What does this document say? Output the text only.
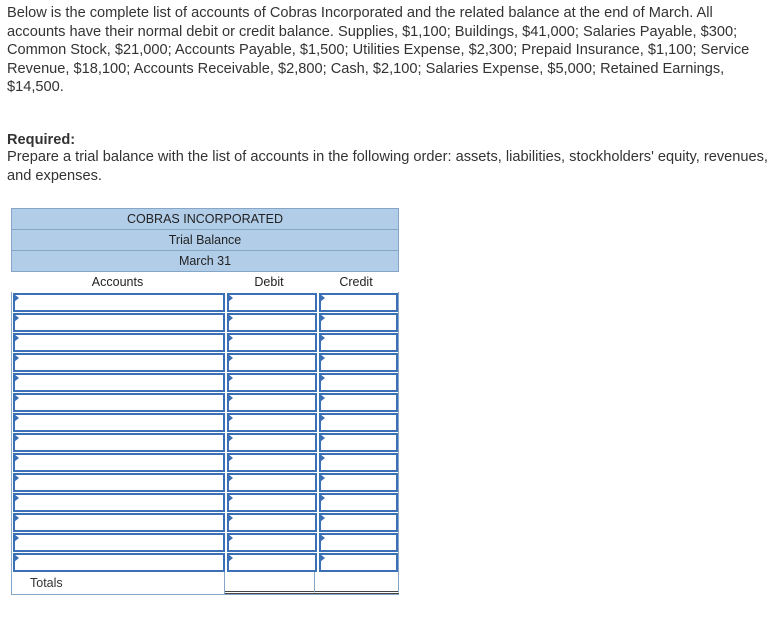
Below is the complete list of accounts of Cobras Incorporated and the related balance at the end of March. All accounts have their normal debit or credit balance. Supplies, $1,100; Buildings, $41,000; Salaries Payable, $300; Common Stock, $21,000; Accounts Payable, $1,500; Utilities Expense, $2,300; Prepaid Insurance, $1,100; Service Revenue, $18,100; Accounts Receivable, $2,800; Cash, $2,100; Salaries Expense, $5,000; Retained Earnings, $14,500.

Required:

Prepare a trial balance with the list of accounts in the following order: assets, liabilities, stockholders' equity, revenues, and expenses.

COBRAS INCORPORATED
Trial Balance
March 31
Accounts	Debit	Credit
Totals
